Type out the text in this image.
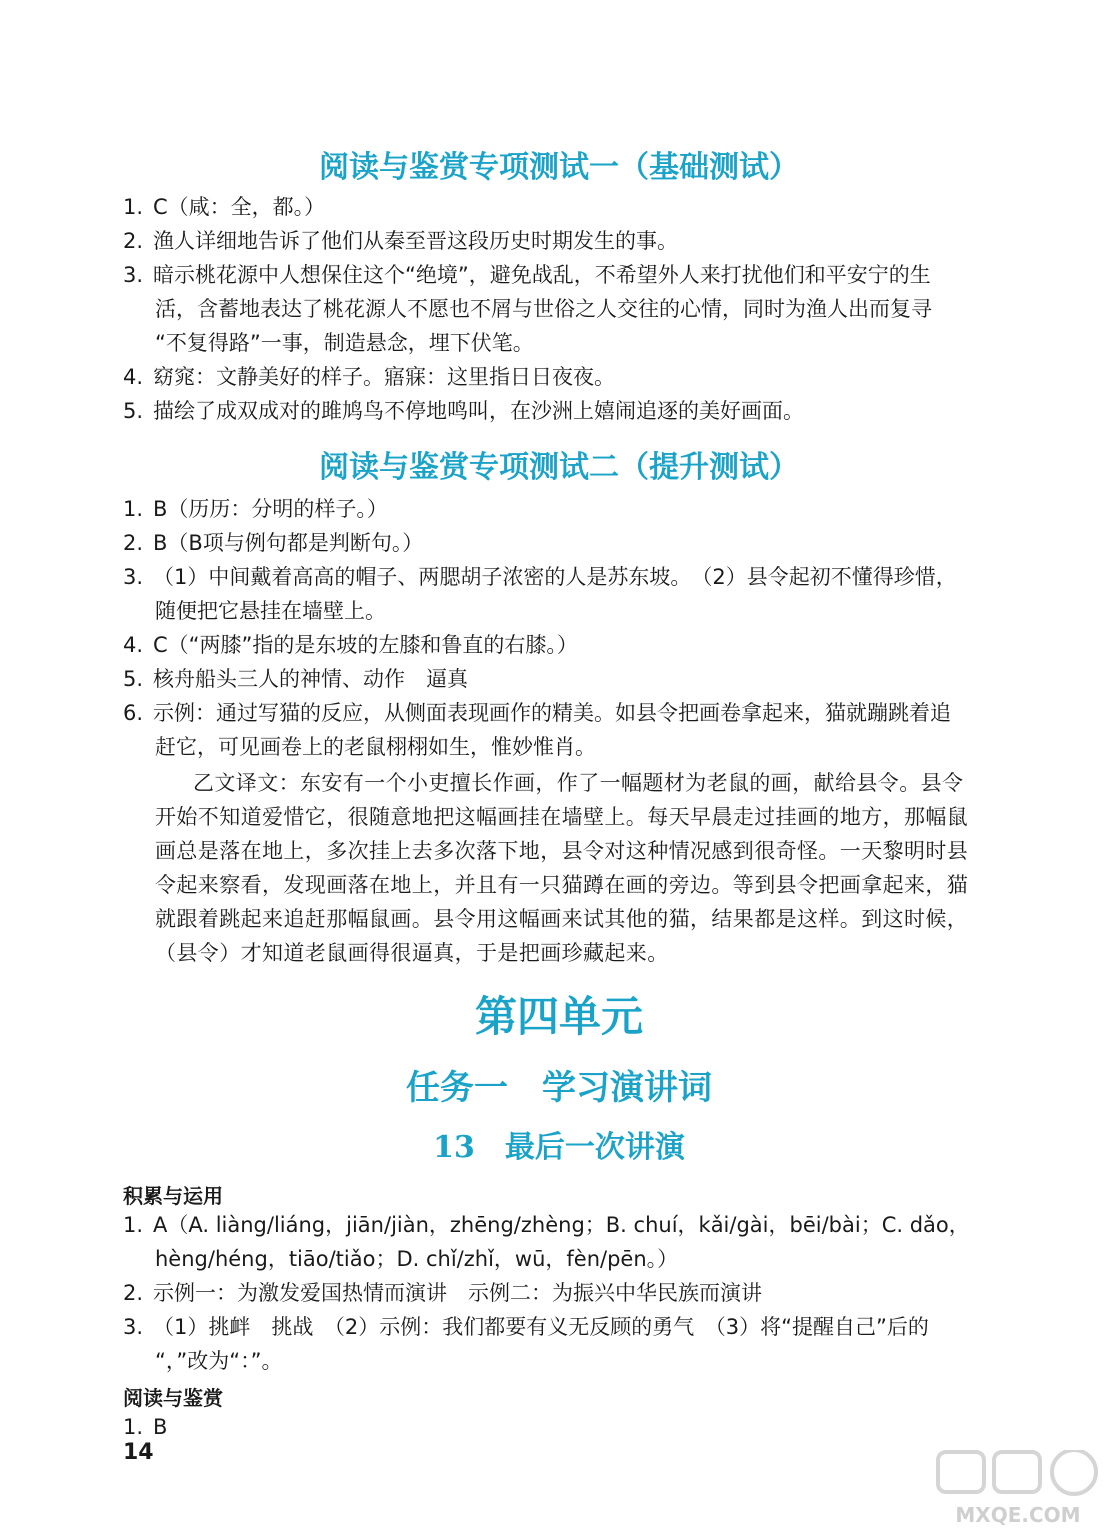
阅读与鉴赏专项测试一（基础测试）
1. C（咸：全，都。）
2. 渔人详细地告诉了他们从秦至晋这段历史时期发生的事。
3. 暗示桃花源中人想保住这个“绝境”，避免战乱，不希望外人来打扰他们和平安宁的生
活，含蓄地表达了桃花源人不愿也不屑与世俗之人交往的心情，同时为渔人出而复寻
“不复得路”一事，制造悬念，埋下伏笔。
4. 窈窕：文静美好的样子。寤寐：这里指日日夜夜。
5. 描绘了成双成对的雎鸠鸟不停地鸣叫，在沙洲上嬉闹追逐的美好画面。
阅读与鉴赏专项测试二（提升测试）
1. B（历历：分明的样子。）
2. B（B项与例句都是判断句。）
3. （1）中间戴着高高的帽子、两腮胡子浓密的人是苏东坡。　（2）县令起初不懂得珍惜，
随便把它悬挂在墙壁上。
4. C（“两膝”指的是东坡的左膝和鲁直的右膝。）
5. 核舟船头三人的神情、动作　逼真
6. 示例：通过写猫的反应，从侧面表现画作的精美。如县令把画卷拿起来，猫就蹦跳着追
赶它，可见画卷上的老鼠栩栩如生，惟妙惟肖。
乙文译文：东安有一个小吏擅长作画，作了一幅题材为老鼠的画，献给县令。县令
开始不知道爱惜它，很随意地把这幅画挂在墙壁上。每天早晨走过挂画的地方，那幅鼠
画总是落在地上，多次挂上去多次落下地，县令对这种情况感到很奇怪。一天黎明时县
令起来察看，发现画落在地上，并且有一只猫蹲在画的旁边。等到县令把画拿起来，猫
就跟着跳起来追赶那幅鼠画。县令用这幅画来试其他的猫，结果都是这样。到这时候，
（县令）才知道老鼠画得很逼真，于是把画珍藏起来。
第四单元
任务一　学习演讲词
13　最后一次讲演
积累与运用
1. A（A. liàng/liáng，jiān/jiàn，zhēng/zhèng；B. chuí，kǎi/gài，bēi/bài；C. dǎo，
hèng/héng，tiāo/tiǎo；D. chǐ/zhǐ，wū，fèn/pēn。）
2. 示例一：为激发爱国热情而演讲　示例二：为振兴中华民族而演讲
3. （1）挑衅　挑战　（2）示例：我们都要有义无反顾的勇气　（3）将“提醒自己”后的
“，”改为“：”。
阅读与鉴赏
1. B
14
MXQE.COM
